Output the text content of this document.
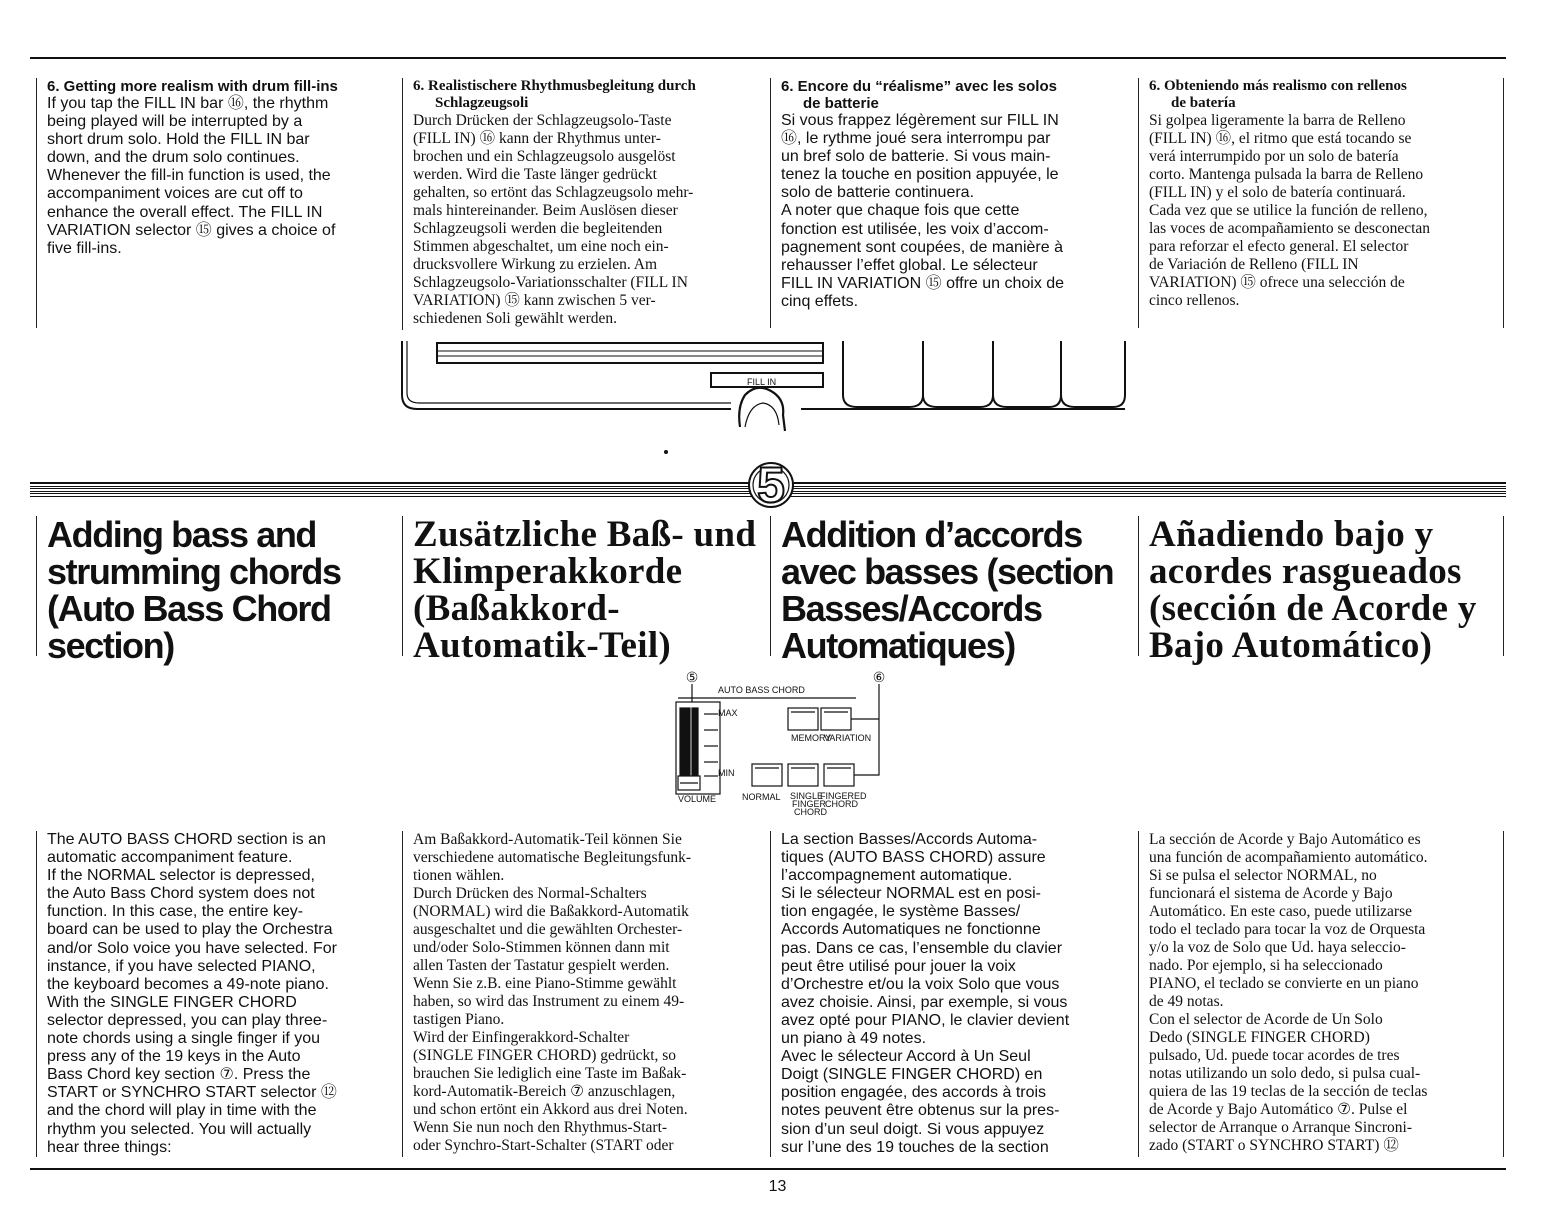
6. Getting more realism with drum fill-ins

If you tap the FILL IN bar ⑯, the rhythm
being played will be interrupted by a
short drum solo. Hold the FILL IN bar
down, and the drum solo continues.
Whenever the fill-in function is used, the
accompaniment voices are cut off to
enhance the overall effect. The FILL IN
VARIATION selector ⑮ gives a choice of
five fill-ins.

6. Realistischere Rhythmusbegleitung durch
Schlagzeugsoli

Durch Drücken der Schlagzeugsolo-Taste
(FILL IN) ⑯ kann der Rhythmus unter-
brochen und ein Schlagzeugsolo ausgelöst
werden. Wird die Taste länger gedrückt
gehalten, so ertönt das Schlagzeugsolo mehr-
mals hintereinander. Beim Auslösen dieser
Schlagzeugsoli werden die begleitenden
Stimmen abgeschaltet, um eine noch ein-
drucksvollere Wirkung zu erzielen. Am
Schlagzeugsolo-Variationsschalter (FILL IN
VARIATION) ⑮ kann zwischen 5 ver-
schiedenen Soli gewählt werden.

6. Encore du “réalisme” avec les solos
de batterie

Si vous frappez légèrement sur FILL IN
⑯, le rythme joué sera interrompu par
un bref solo de batterie. Si vous main-
tenez la touche en position appuyée, le
solo de batterie continuera.
A noter que chaque fois que cette
fonction est utilisée, les voix d’accom-
pagnement sont coupées, de manière à
rehausser l’effet global. Le sélecteur
FILL IN VARIATION ⑮ offre un choix de
cinq effets.

6. Obteniendo más realismo con rellenos
de batería

Si golpea ligeramente la barra de Relleno
(FILL IN) ⑯, el ritmo que está tocando se
verá interrumpido por un solo de batería
corto. Mantenga pulsada la barra de Relleno
(FILL IN) y el solo de batería continuará.
Cada vez que se utilice la función de relleno,
las voces de acompañamiento se desconectan
para reforzar el efecto general. El selector
de Variación de Relleno (FILL IN
VARIATION) ⑮ ofrece una selección de
cinco rellenos.

FILL IN
5
Adding bass and
strumming chords
(Auto Bass Chord
section)
Zusätzliche Baß- und
Klimperakkorde
(Baßakkord-
Automatik-Teil)
Addition d’accords
avec basses (section
Basses/Accords
Automatiques)
Añadiendo bajo y
acordes rasgueados
(sección de Acorde y
Bajo Automático)
⑤	⑥
AUTO BASS CHORD
MAX
MIN
VOLUME
MEMORY
VARIATION
NORMAL SINGLE
FINGER
CHORD
FINGERED
CHORD

The AUTO BASS CHORD section is an
automatic accompaniment feature.
If the NORMAL selector is depressed,
the Auto Bass Chord system does not
function. In this case, the entire key-
board can be used to play the Orchestra
and/or Solo voice you have selected. For
instance, if you have selected PIANO,
the keyboard becomes a 49-note piano.
With the SINGLE FINGER CHORD
selector depressed, you can play three-
note chords using a single finger if you
press any of the 19 keys in the Auto
Bass Chord key section ⑦. Press the
START or SYNCHRO START selector ⑫
and the chord will play in time with the
rhythm you selected. You will actually
hear three things:

Am Baßakkord-Automatik-Teil können Sie
verschiedene automatische Begleitungsfunk-
tionen wählen.
Durch Drücken des Normal-Schalters
(NORMAL) wird die Baßakkord-Automatik
ausgeschaltet und die gewählten Orchester-
und/oder Solo-Stimmen können dann mit
allen Tasten der Tastatur gespielt werden.
Wenn Sie z.B. eine Piano-Stimme gewählt
haben, so wird das Instrument zu einem 49-
tastigen Piano.
Wird der Einfingerakkord-Schalter
(SINGLE FINGER CHORD) gedrückt, so
brauchen Sie lediglich eine Taste im Baßak-
kord-Automatik-Bereich ⑦ anzuschlagen,
und schon ertönt ein Akkord aus drei Noten.
Wenn Sie nun noch den Rhythmus-Start-
oder Synchro-Start-Schalter (START oder

La section Basses/Accords Automa-
tiques (AUTO BASS CHORD) assure
l’accompagnement automatique.
Si le sélecteur NORMAL est en posi-
tion engagée, le système Basses/
Accords Automatiques ne fonctionne
pas. Dans ce cas, l’ensemble du clavier
peut être utilisé pour jouer la voix
d’Orchestre et/ou la voix Solo que vous
avez choisie. Ainsi, par exemple, si vous
avez opté pour PIANO, le clavier devient
un piano à 49 notes.
Avec le sélecteur Accord à Un Seul
Doigt (SINGLE FINGER CHORD) en
position engagée, des accords à trois
notes peuvent être obtenus sur la pres-
sion d’un seul doigt. Si vous appuyez
sur l’une des 19 touches de la section

La sección de Acorde y Bajo Automático es
una función de acompañamiento automático.
Si se pulsa el selector NORMAL, no
funcionará el sistema de Acorde y Bajo
Automático. En este caso, puede utilizarse
todo el teclado para tocar la voz de Orquesta
y/o la voz de Solo que Ud. haya seleccio-
nado. Por ejemplo, si ha seleccionado
PIANO, el teclado se convierte en un piano
de 49 notas.
Con el selector de Acorde de Un Solo
Dedo (SINGLE FINGER CHORD)
pulsado, Ud. puede tocar acordes de tres
notas utilizando un solo dedo, si pulsa cual-
quiera de las 19 teclas de la sección de teclas
de Acorde y Bajo Automático ⑦. Pulse el
selector de Arranque o Arranque Sincroni-
zado (START o SYNCHRO START) ⑫

13
